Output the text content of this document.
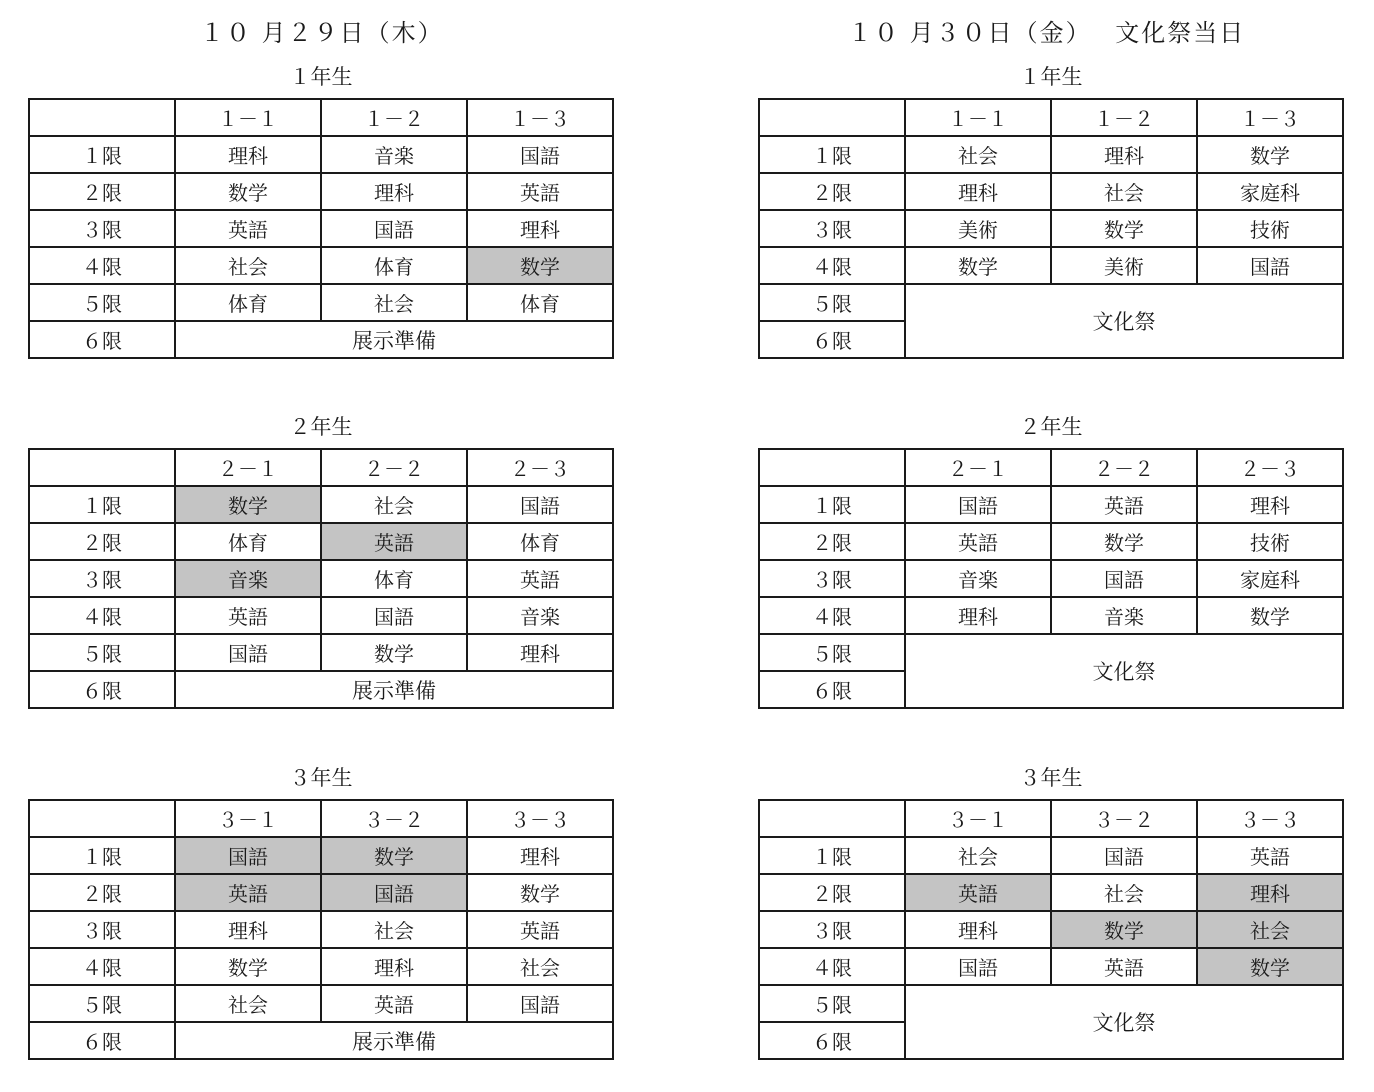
１０ 月２９日（木）
１年生
	１－１	１－２	１－３
１限	理科	音楽	国語
２限	数学	理科	英語
３限	英語	国語	理科
４限	社会	体育	数学
５限	体育	社会	体育
６限	展示準備		
２年生
	２－１	２－２	２－３
１限	数学	社会	国語
２限	体育	英語	体育
３限	音楽	体育	英語
４限	英語	国語	音楽
５限	国語	数学	理科
６限	展示準備		
３年生
	３－１	３－２	３－３
１限	国語	数学	理科
２限	英語	国語	数学
３限	理科	社会	英語
４限	数学	理科	社会
５限	社会	英語	国語
６限	展示準備		
１０ 月３０日（金）　 文化祭当日
１年生
	１－１	１－２	１－３
１限	社会	理科	数学
２限	理科	社会	家庭科
３限	美術	数学	技術
４限	数学	美術	国語
５限	文化祭		
６限			
２年生
	２－１	２－２	２－３
１限	国語	英語	理科
２限	英語	数学	技術
３限	音楽	国語	家庭科
４限	理科	音楽	数学
５限	文化祭		
６限			
３年生
	３－１	３－２	３－３
１限	社会	国語	英語
２限	英語	社会	理科
３限	理科	数学	社会
４限	国語	英語	数学
５限	文化祭		
６限			
